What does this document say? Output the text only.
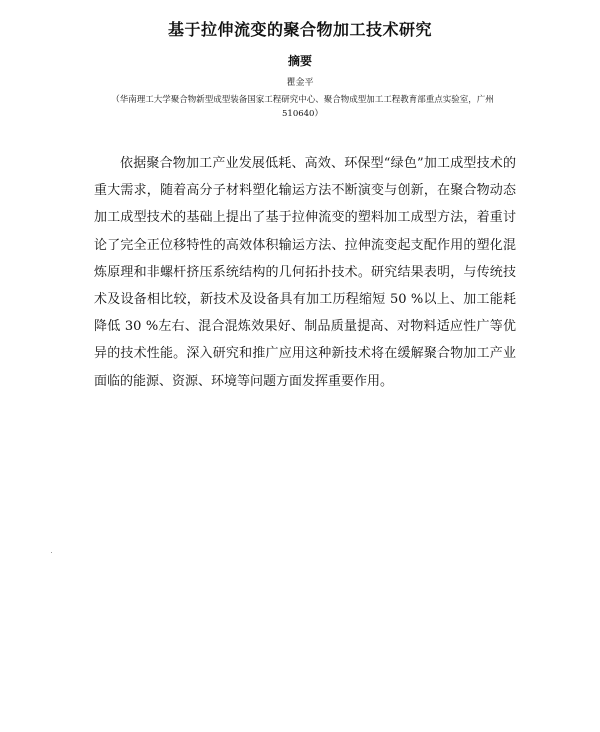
基于拉伸流变的聚合物加工技术研究
摘要

瞿金平

（华南理工大学聚合物新型成型装备国家工程研究中心、聚合物成型加工工程教育部重点实验室，广州 510640）

依据聚合物加工产业发展低耗、高效、环保型“绿色”加工成型技术的重大需求，随着高分子材料塑化输运方法不断演变与创新，在聚合物动态加工成型技术的基础上提出了基于拉伸流变的塑料加工成型方法，着重讨论了完全正位移特性的高效体积输运方法、拉伸流变起支配作用的塑化混炼原理和非螺杆挤压系统结构的几何拓扑技术。研究结果表明，与传统技术及设备相比较，新技术及设备具有加工历程缩短 50 %以上、加工能耗降低 30 %左右、混合混炼效果好、制品质量提高、对物料适应性广等优异的技术性能。深入研究和推广应用这种新技术将在缓解聚合物加工产业面临的能源、资源、环境等问题方面发挥重要作用。
